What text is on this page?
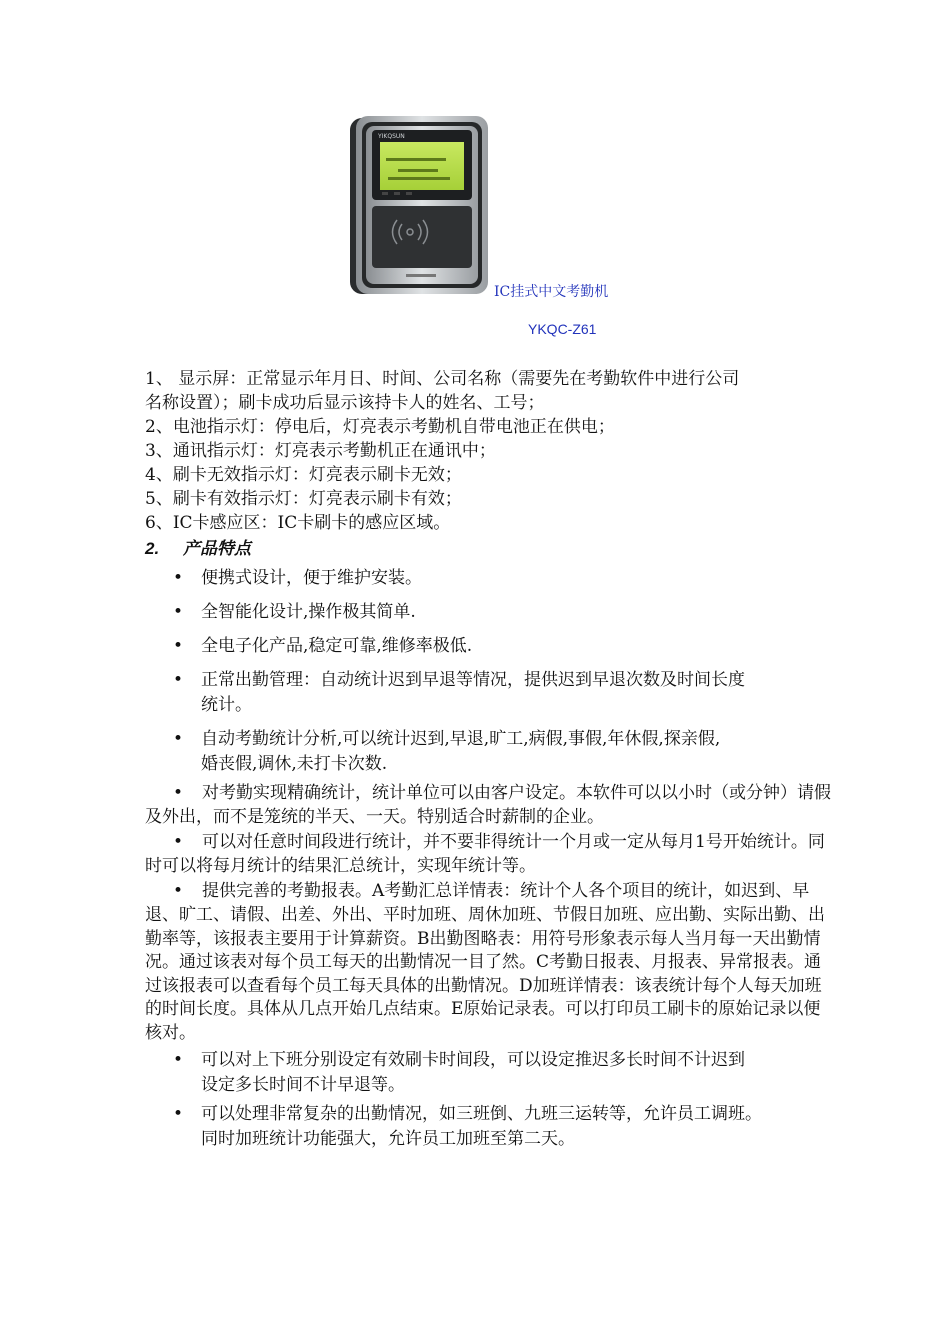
YIKQSUN
IC挂式中文考勤机
YKQC-Z61
1、 显示屏：正常显示年月日、时间、公司名称（需要先在考勤软件中进行公司
名称设置）；刷卡成功后显示该持卡人的姓名、工号；
2、电池指示灯：停电后，灯亮表示考勤机自带电池正在供电；
3、通讯指示灯：灯亮表示考勤机正在通讯中；
4、刷卡无效指示灯：灯亮表示刷卡无效；
5、刷卡有效指示灯：灯亮表示刷卡有效；
6、IC卡感应区：IC卡刷卡的感应区域。
2. 产品特点
• 便携式设计，便于维护安装。
• 全智能化设计,操作极其简单.
• 全电子化产品,稳定可靠,维修率极低.
• 正常出勤管理：自动统计迟到早退等情况，提供迟到早退次数及时间长度
统计。
• 自动考勤统计分析,可以统计迟到,早退,旷工,病假,事假,年休假,探亲假,
婚丧假,调休,未打卡次数.
•	对考勤实现精确统计，统计单位可以由客户设定。本软件可以以小时（或分钟）请假及外出，而不是笼统的半天、一天。特别适合时薪制的企业。
•	可以对任意时间段进行统计，并不要非得统计一个月或一定从每月1号开始统计。同时可以将每月统计的结果汇总统计，实现年统计等。
•	提供完善的考勤报表。A考勤汇总详情表：统计个人各个项目的统计，如迟到、早退、旷工、请假、出差、外出、平时加班、周休加班、节假日加班、应出勤、实际出勤、出勤率等，该报表主要用于计算薪资。B出勤图略表：用符号形象表示每人当月每一天出勤情况。通过该表对每个员工每天的出勤情况一目了然。C考勤日报表、月报表、异常报表。通过该报表可以查看每个员工每天具体的出勤情况。D加班详情表：该表统计每个人每天加班的时间长度。具体从几点开始几点结束。E原始记录表。可以打印员工刷卡的原始记录以便核对。
• 可以对上下班分别设定有效刷卡时间段，可以设定推迟多长时间不计迟到
设定多长时间不计早退等。
• 可以处理非常复杂的出勤情况，如三班倒、九班三运转等，允许员工调班。
同时加班统计功能强大，允许员工加班至第二天。
